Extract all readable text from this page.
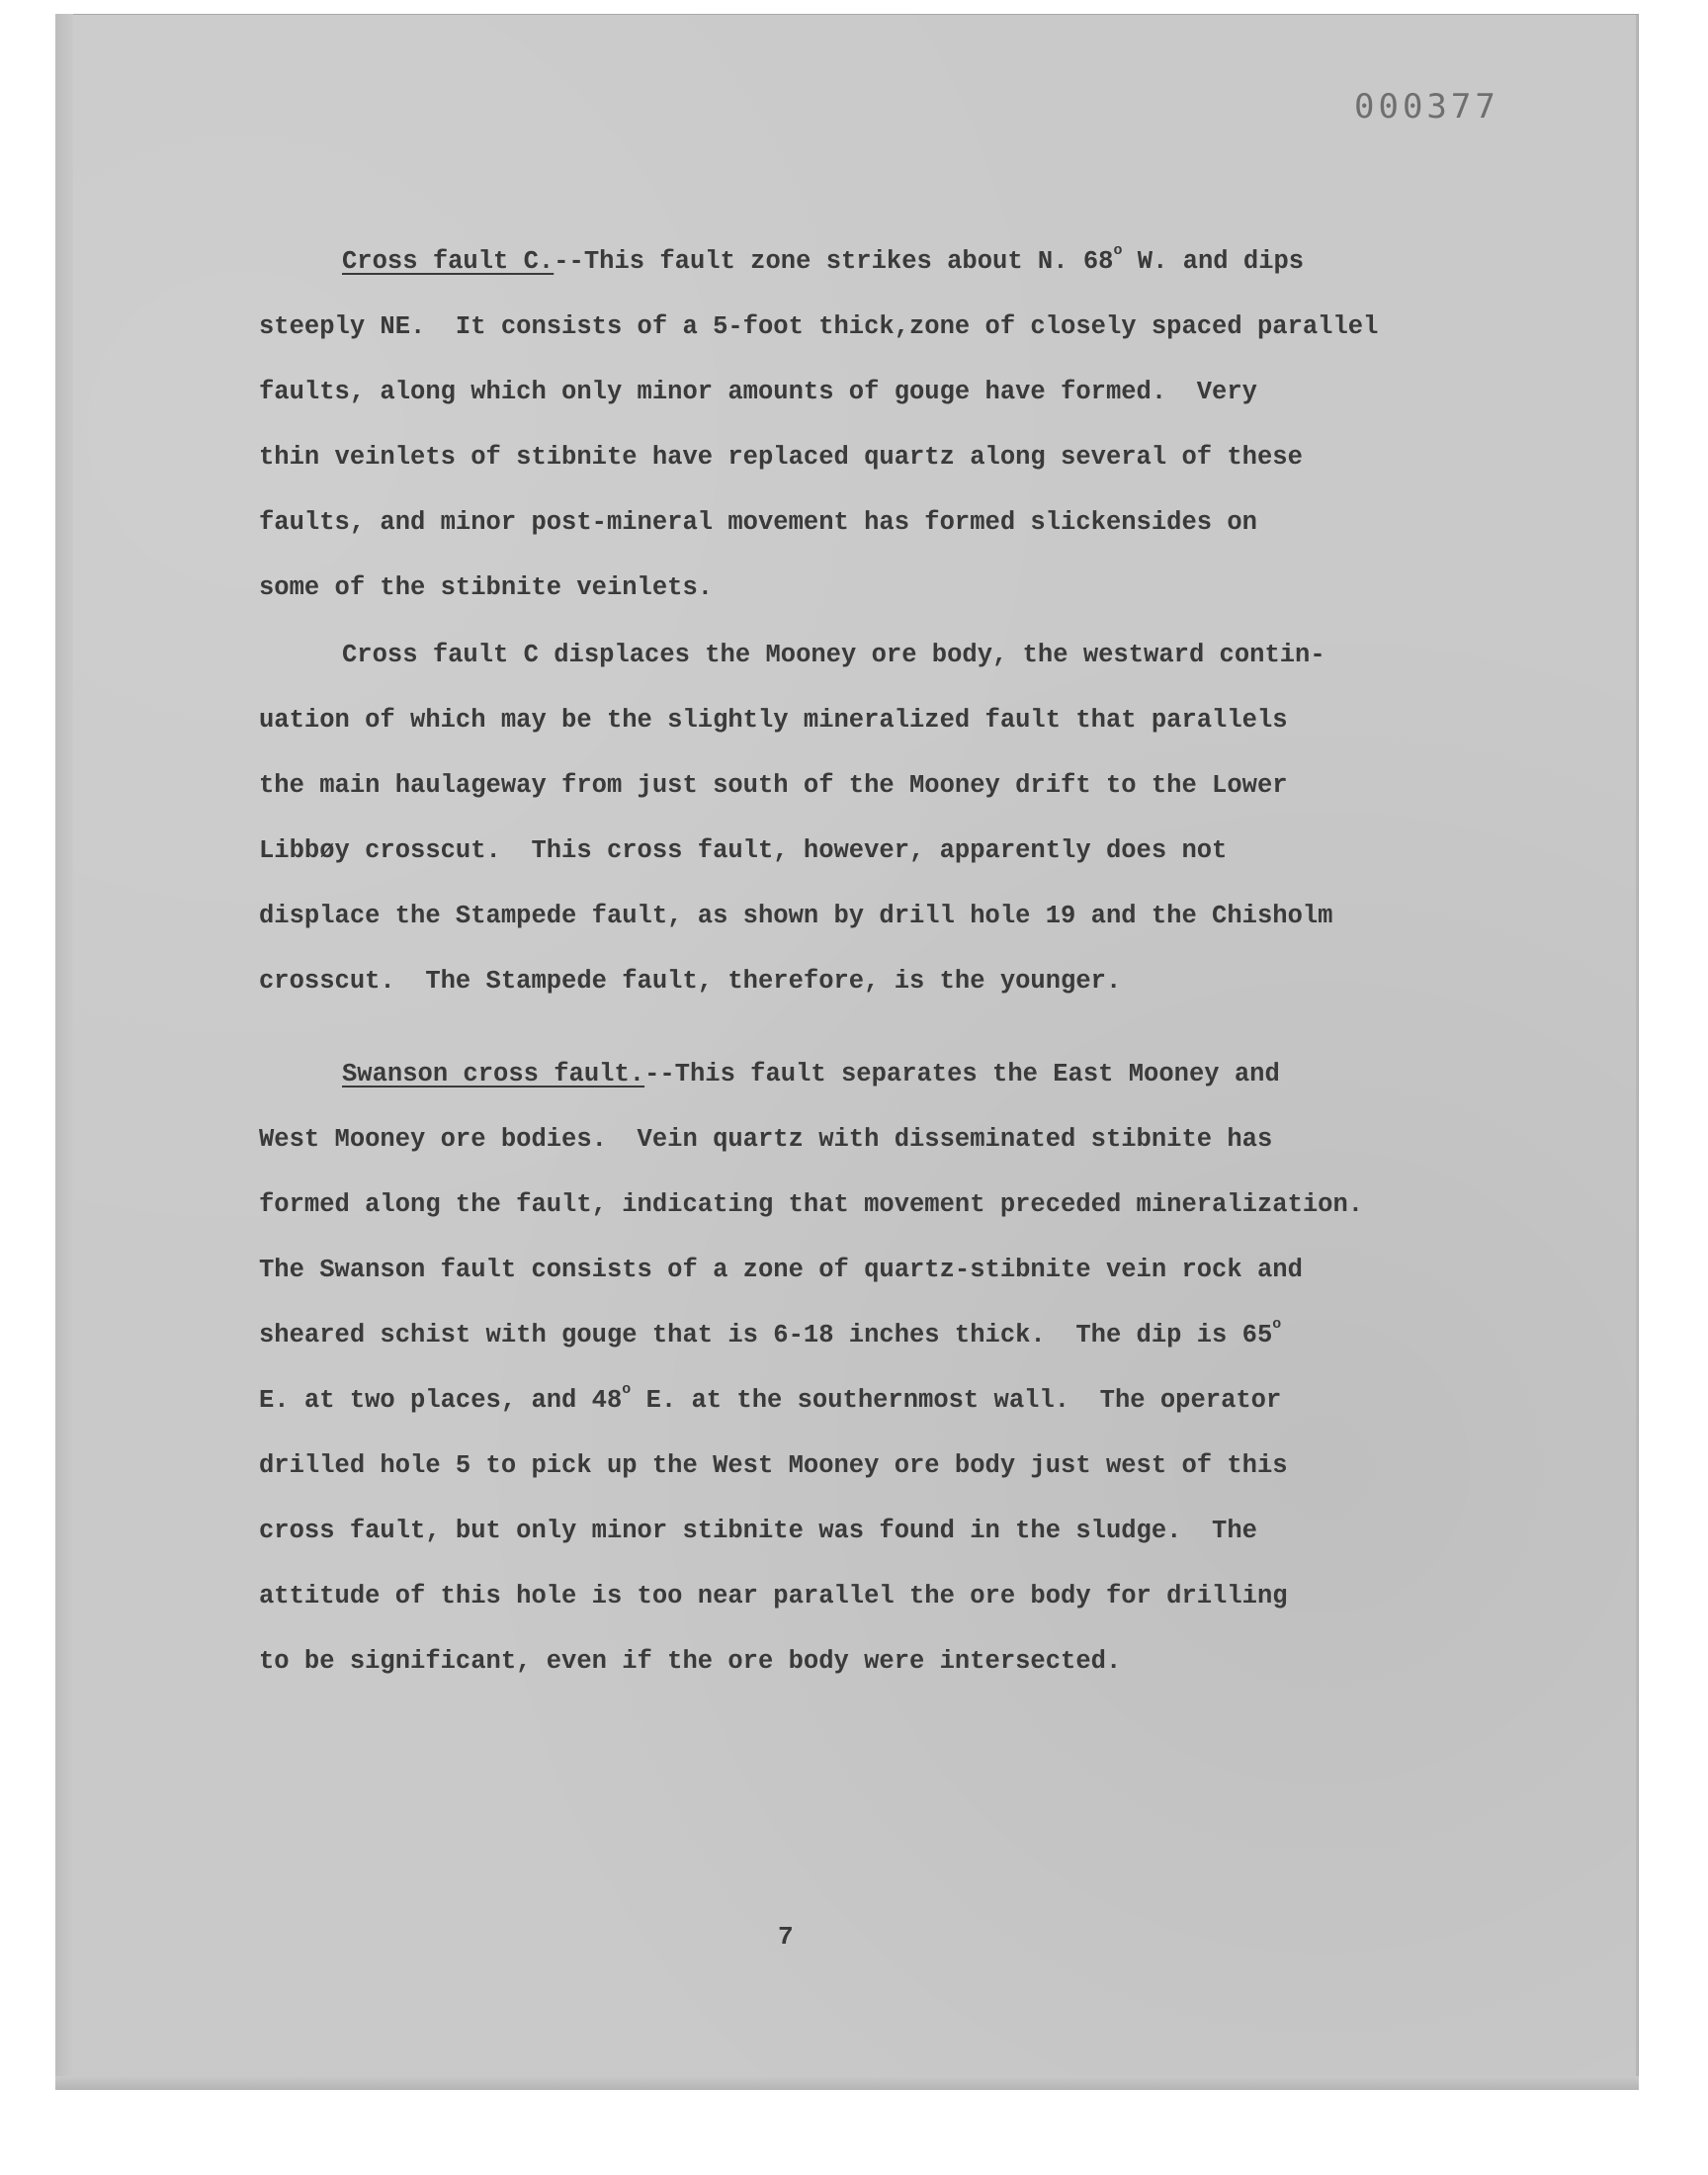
000377

Cross fault C.--This fault zone strikes about N. 68$^o$ W. and dips
steeply NE.  It consists of a 5-foot thick,zone of closely spaced parallel
faults, along which only minor amounts of gouge have formed.  Very
thin veinlets of stibnite have replaced quartz along several of these
faults, and minor post-mineral movement has formed slickensides on
some of the stibnite veinlets.

Cross fault C displaces the Mooney ore body, the westward contin-
uation of which may be the slightly mineralized fault that parallels
the main haulageway from just south of the Mooney drift to the Lower
Libbøy crosscut.  This cross fault, however, apparently does not
displace the Stampede fault, as shown by drill hole 19 and the Chisholm
crosscut.  The Stampede fault, therefore, is the younger.

Swanson cross fault.--This fault separates the East Mooney and
West Mooney ore bodies.  Vein quartz with disseminated stibnite has
formed along the fault, indicating that movement preceded mineralization.
The Swanson fault consists of a zone of quartz-stibnite vein rock and
sheared schist with gouge that is 6-18 inches thick.  The dip is 65$^o$
E. at two places, and 48$^o$ E. at the southernmost wall.  The operator
drilled hole 5 to pick up the West Mooney ore body just west of this
cross fault, but only minor stibnite was found in the sludge.  The
attitude of this hole is too near parallel the ore body for drilling
to be significant, even if the ore body were intersected.

7
